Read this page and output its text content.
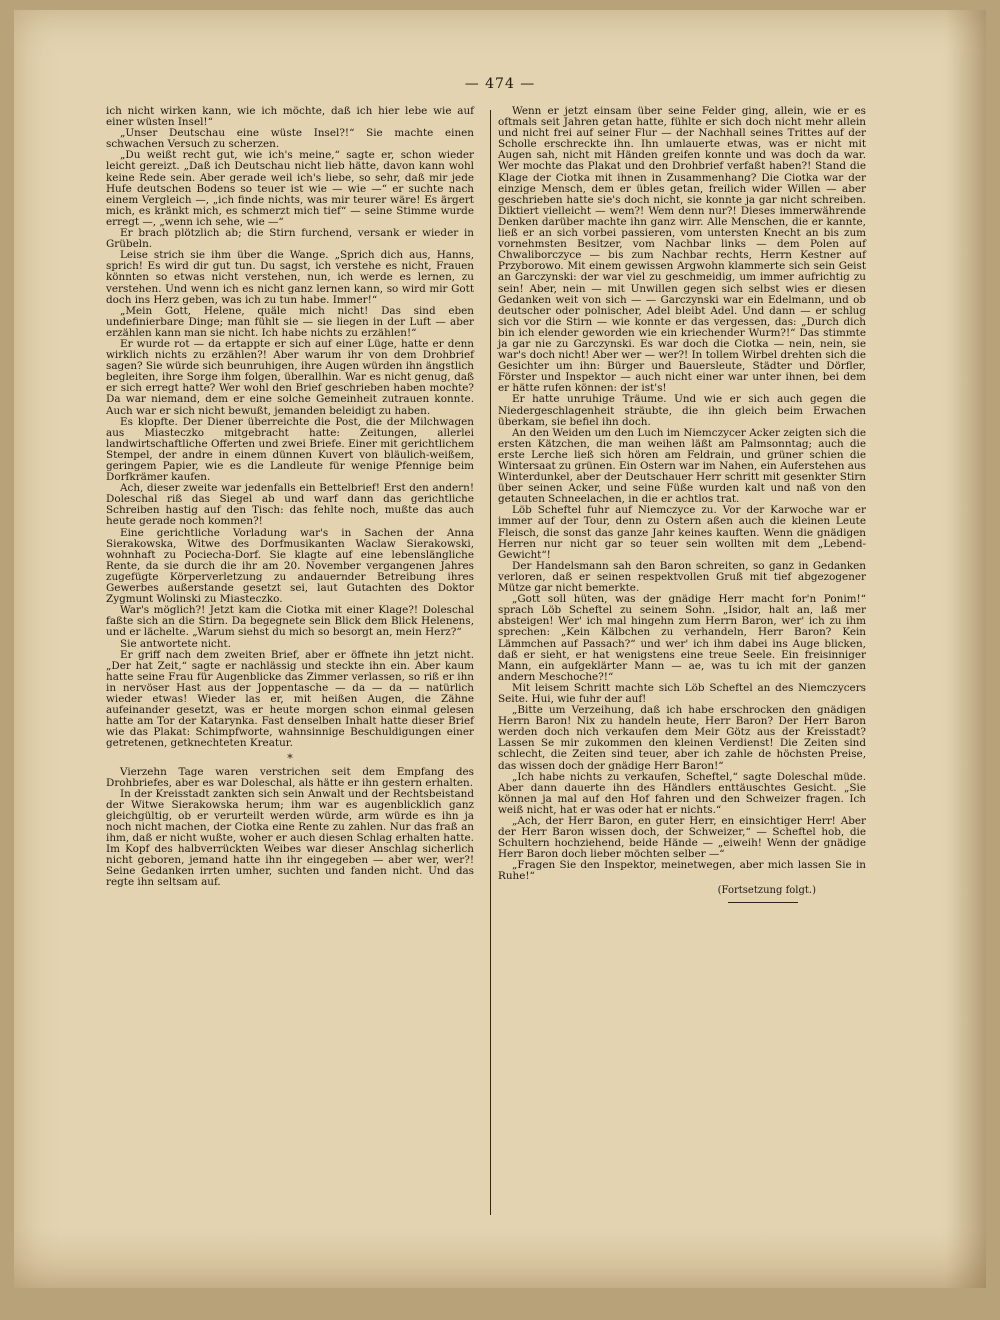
— 474 —

ich nicht wirken kann, wie ich möchte, daß ich hier lebe wie auf einer wüsten Insel!“

„Unser Deutschau eine wüste Insel?!“ Sie machte einen schwachen Versuch zu scherzen.

„Du weißt recht gut, wie ich's meine,“ sagte er, schon wieder leicht gereizt. „Daß ich Deutschau nicht lieb hätte, davon kann wohl keine Rede sein. Aber gerade weil ich's liebe, so sehr, daß mir jede Hufe deutschen Bodens so teuer ist wie — wie —“ er suchte nach einem Vergleich —, „ich finde nichts, was mir teurer wäre! Es ärgert mich, es kränkt mich, es schmerzt mich tief“ — seine Stimme wurde erregt —, „wenn ich sehe, wie —“

Er brach plötzlich ab; die Stirn furchend, versank er wieder in Grübeln.

Leise strich sie ihm über die Wange. „Sprich dich aus, Hanns, sprich! Es wird dir gut tun. Du sagst, ich verstehe es nicht, Frauen könnten so etwas nicht verstehen, nun, ich werde es lernen, zu verstehen. Und wenn ich es nicht ganz lernen kann, so wird mir Gott doch ins Herz geben, was ich zu tun habe. Immer!“

„Mein Gott, Helene, quäle mich nicht! Das sind eben undefinierbare Dinge; man fühlt sie — sie liegen in der Luft — aber erzählen kann man sie nicht. Ich habe nichts zu erzählen!“

Er wurde rot — da ertappte er sich auf einer Lüge, hatte er denn wirklich nichts zu erzählen?! Aber warum ihr von dem Drohbrief sagen? Sie würde sich beunruhigen, ihre Augen würden ihn ängstlich begleiten, ihre Sorge ihm folgen, überallhin. War es nicht genug, daß er sich erregt hatte? Wer wohl den Brief geschrieben haben mochte? Da war niemand, dem er eine solche Gemeinheit zutrauen konnte. Auch war er sich nicht bewußt, jemanden beleidigt zu haben.

Es klopfte. Der Diener überreichte die Post, die der Milchwagen aus Miasteczko mitgebracht hatte: Zeitungen, allerlei landwirtschaftliche Offerten und zwei Briefe. Einer mit gerichtlichem Stempel, der andre in einem dünnen Kuvert von bläulich-weißem, geringem Papier, wie es die Landleute für wenige Pfennige beim Dorfkrämer kaufen.

Ach, dieser zweite war jedenfalls ein Bettelbrief! Erst den andern! Doleschal riß das Siegel ab und warf dann das gerichtliche Schreiben hastig auf den Tisch: das fehlte noch, mußte das auch heute gerade noch kommen?!

Eine gerichtliche Vorladung war's in Sachen der Anna Sierakowska, Witwe des Dorfmusikanten Waclaw Sierakowski, wohnhaft zu Pociecha-Dorf. Sie klagte auf eine lebenslängliche Rente, da sie durch die ihr am 20. November vergangenen Jahres zugefügte Körperverletzung zu andauernder Betreibung ihres Gewerbes außerstande gesetzt sei, laut Gutachten des Doktor Zygmunt Wolinski zu Miasteczko.

War's möglich?! Jetzt kam die Ciotka mit einer Klage?! Doleschal faßte sich an die Stirn. Da begegnete sein Blick dem Blick Helenens, und er lächelte. „Warum siehst du mich so besorgt an, mein Herz?“

Sie antwortete nicht.

Er griff nach dem zweiten Brief, aber er öffnete ihn jetzt nicht. „Der hat Zeit,“ sagte er nachlässig und steckte ihn ein. Aber kaum hatte seine Frau für Augenblicke das Zimmer verlassen, so riß er ihn in nervöser Hast aus der Joppentasche — da — da — natürlich wieder etwas! Wieder las er, mit heißen Augen, die Zähne aufeinander gesetzt, was er heute morgen schon einmal gelesen hatte am Tor der Katarynka. Fast denselben Inhalt hatte dieser Brief wie das Plakat: Schimpfworte, wahnsinnige Beschuldigungen einer getretenen, getknechteten Kreatur.

*

Vierzehn Tage waren verstrichen seit dem Empfang des Drohbriefes, aber es war Doleschal, als hätte er ihn gestern erhalten.

In der Kreisstadt zankten sich sein Anwalt und der Rechtsbeistand der Witwe Sierakowska herum; ihm war es augenblicklich ganz gleichgültig, ob er verurteilt werden würde, arm würde es ihn ja noch nicht machen, der Ciotka eine Rente zu zahlen. Nur das fraß an ihm, daß er nicht wußte, woher er auch diesen Schlag erhalten hatte. Im Kopf des halbverrückten Weibes war dieser Anschlag sicherlich nicht geboren, jemand hatte ihn ihr eingegeben — aber wer, wer?! Seine Gedanken irrten umher, suchten und fanden nicht. Und das regte ihn seltsam auf.

Wenn er jetzt einsam über seine Felder ging, allein, wie er es oftmals seit Jahren getan hatte, fühlte er sich doch nicht mehr allein und nicht frei auf seiner Flur — der Nachhall seines Trittes auf der Scholle erschreckte ihn. Ihn umlauerte etwas, was er nicht mit Augen sah, nicht mit Händen greifen konnte und was doch da war. Wer mochte das Plakat und den Drohbrief verfaßt haben?! Stand die Klage der Ciotka mit ihnen in Zusammenhang? Die Ciotka war der einzige Mensch, dem er übles getan, freilich wider Willen — aber geschrieben hatte sie's doch nicht, sie konnte ja gar nicht schreiben. Diktiert vielleicht — wem?! Wem denn nur?! Dieses immerwährende Denken darüber machte ihn ganz wirr. Alle Menschen, die er kannte, ließ er an sich vorbei passieren, vom untersten Knecht an bis zum vornehmsten Besitzer, vom Nachbar links — dem Polen auf Chwaliborczyce — bis zum Nachbar rechts, Herrn Kestner auf Przyborowo. Mit einem gewissen Argwohn klammerte sich sein Geist an Garczynski: der war viel zu geschmeidig, um immer aufrichtig zu sein! Aber, nein — mit Unwillen gegen sich selbst wies er diesen Gedanken weit von sich — — Garczynski war ein Edelmann, und ob deutscher oder polnischer, Adel bleibt Adel. Und dann — er schlug sich vor die Stirn — wie konnte er das vergessen, das: „Durch dich bin ich elender geworden wie ein kriechender Wurm?!“ Das stimmte ja gar nie zu Garczynski. Es war doch die Ciotka — nein, nein, sie war's doch nicht! Aber wer — wer?! In tollem Wirbel drehten sich die Gesichter um ihn: Bürger und Bauersleute, Städter und Dörfler, Förster und Inspektor — auch nicht einer war unter ihnen, bei dem er hätte rufen können: der ist's!

Er hatte unruhige Träume. Und wie er sich auch gegen die Niedergeschlagenheit sträubte, die ihn gleich beim Erwachen überkam, sie befiel ihn doch.

An den Weiden um den Luch im Niemczycer Acker zeigten sich die ersten Kätzchen, die man weihen läßt am Palmsonntag; auch die erste Lerche ließ sich hören am Feldrain, und grüner schien die Wintersaat zu grünen. Ein Ostern war im Nahen, ein Auferstehen aus Winterdunkel, aber der Deutschauer Herr schritt mit gesenkter Stirn über seinen Acker, und seine Füße wurden kalt und naß von den getauten Schneelachen, in die er achtlos trat.

Löb Scheftel fuhr auf Niemczyce zu. Vor der Karwoche war er immer auf der Tour, denn zu Ostern aßen auch die kleinen Leute Fleisch, die sonst das ganze Jahr keines kauften. Wenn die gnädigen Herren nur nicht gar so teuer sein wollten mit dem „Lebend-Gewicht“!

Der Handelsmann sah den Baron schreiten, so ganz in Gedanken verloren, daß er seinen respektvollen Gruß mit tief abgezogener Mütze gar nicht bemerkte.

„Gott soll hüten, was der gnädige Herr macht for'n Ponim!“ sprach Löb Scheftel zu seinem Sohn. „Isidor, halt an, laß mer absteigen! Wer' ich mal hingehn zum Herrn Baron, wer' ich zu ihm sprechen: „Kein Kälbchen zu verhandeln, Herr Baron? Kein Lämmchen auf Passach?“ und wer' ich ihm dabei ins Auge blicken, daß er sieht, er hat wenigstens eine treue Seele. Ein freisinniger Mann, ein aufgeklärter Mann — ae, was tu ich mit der ganzen andern Meschoche?!“

Mit leisem Schritt machte sich Löb Scheftel an des Niemczycers Seite. Hui, wie fuhr der auf!

„Bitte um Verzeihung, daß ich habe erschrocken den gnädigen Herrn Baron! Nix zu handeln heute, Herr Baron? Der Herr Baron werden doch nich verkaufen dem Meir Götz aus der Kreisstadt? Lassen Se mir zukommen den kleinen Verdienst! Die Zeiten sind schlecht, die Zeiten sind teuer, aber ich zahle de höchsten Preise, das wissen doch der gnädige Herr Baron!“

„Ich habe nichts zu verkaufen, Scheftel,“ sagte Doleschal müde. Aber dann dauerte ihn des Händlers enttäuschtes Gesicht. „Sie können ja mal auf den Hof fahren und den Schweizer fragen. Ich weiß nicht, hat er was oder hat er nichts.“

„Ach, der Herr Baron, en guter Herr, en einsichtiger Herr! Aber der Herr Baron wissen doch, der Schweizer,“ — Scheftel hob, die Schultern hochziehend, beide Hände — „eiweih! Wenn der gnädige Herr Baron doch lieber möchten selber —“

„Fragen Sie den Inspektor, meinetwegen, aber mich lassen Sie in Ruhe!“

(Fortsetzung folgt.)
